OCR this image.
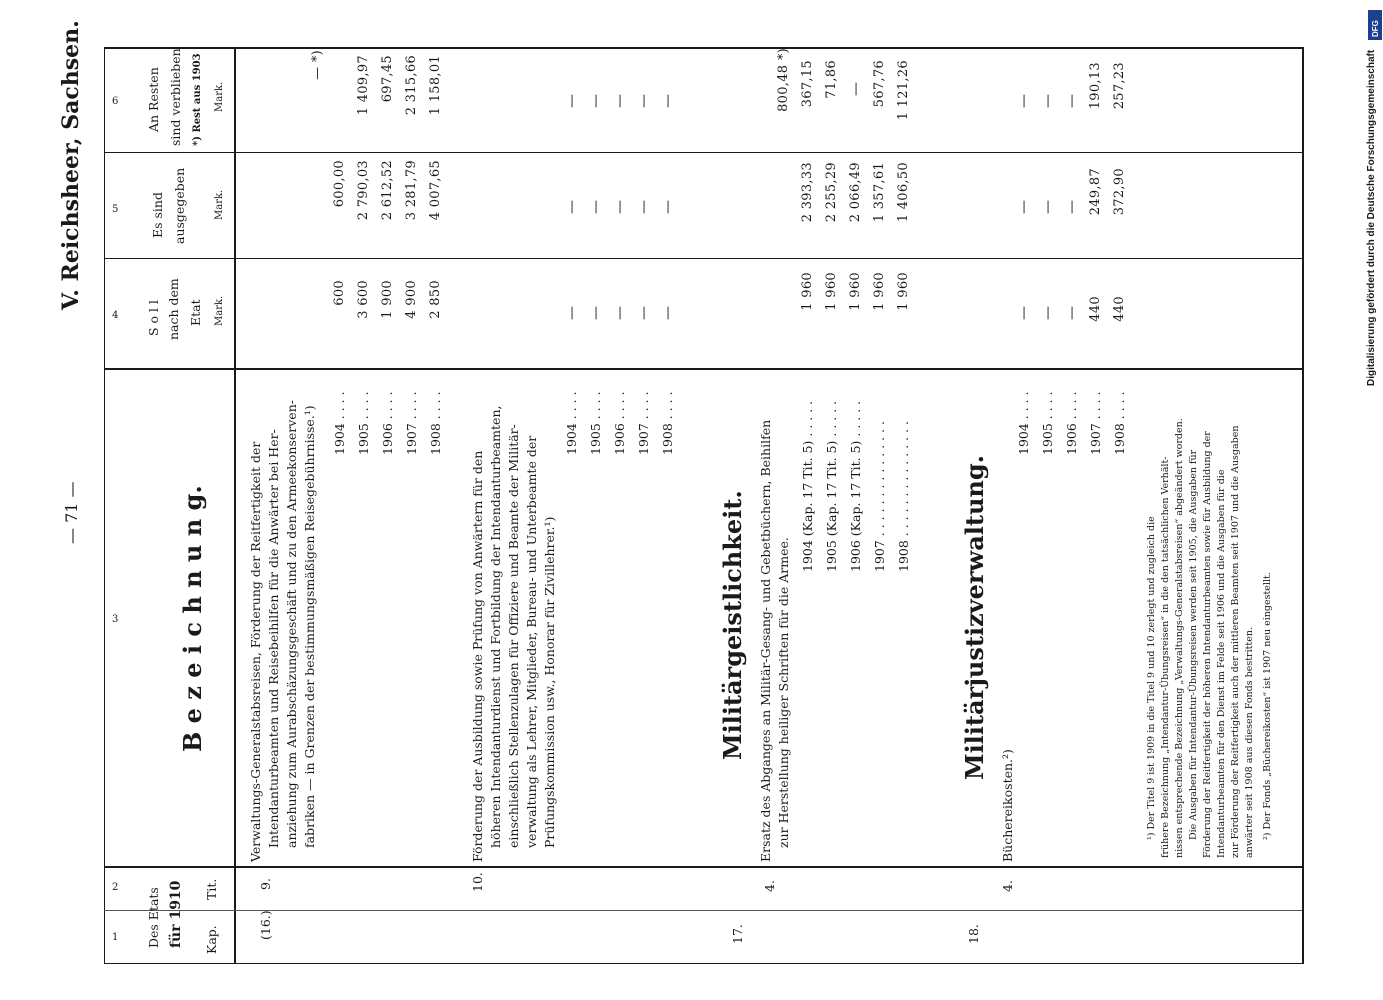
1
2
3
4
5
6
Des Etats für 1910 Kap.
Tit.
B e z e i c h n u n g.
S o l l nach dem Etat Mark.
Es sind ausgegeben	Mark.
An Resten sind verblieben *) Rest aus 1903 Mark.
— 71 —
V. Reichsheer, Sachsen.	Digitalisierung gefördert durch die Deutsche Forschungsgemeinschaft
DFG
(16.)
9.
Verwaltungs-Generalstabsreisen, Förderung der Reitfertigkeit der Intendanturbeamten und Reisebeihilfen für die Anwärter bei Her- anziehung zum Aurabschäzungsgeschäft und zu den Armeekonserven- fabriken — in Grenzen der bestimmungsmäßigen Reisegebührnisse.¹) 1904 . . . . 1905 . . . . 1906 . . . . 1907 . . . . 1908 . . . .
600 3 600 1 900 4 900 2 850
600,00 2 790,03 2 612,52 3 281,79 4 007,65
— *) 1 409,97 697,45 2 315,66 1 158,01
10.
Förderung der Ausbildung sowie Prüfung von Anwärtern für den höheren Intendanturdienst und Fortbildung der Intendanturbeamten, einschließlich Stellenzulagen für Offiziere und Beamte der Militär- verwaltung als Lehrer, Mitglieder, Bureau- und Unterbeamte der Prüfungskommission usw., Honorar für Zivillehrer.¹)
1904 . . . . 1905 . . . . 1906 . . . . 1907 . . . . 1908 . . . .
— — — — —
— — — — —
— — — — —
Militärgeistlichkeit.
17.
4.
Ersatz des Abganges an Militär-Gesang- und Gebetbüchern, Beihilfen zur Herstellung heiliger Schriften für die Armee.
1904 (Kap. 17 Tit. 5) . . . . . 1905 (Kap. 17 Tit. 5) . . . . . 1906 (Kap. 17 Tit. 5) . . . . . 1907 . . . . . . . . . . . . . . . 1908 . . . . . . . . . . . . . . .
1 960 1 960 1 960 1 960 1 960
2 393,33 2 255,29 2 066,49 1 357,61 1 406,50
800,48 *) 367,15 71,86 — 567,76 1 121,26
Militärjustizverwaltung.
18.
4.
Büchereikosten.²)
1904 . . . . 1905 . . . . 1906 . . . . 1907 . . . . 1908 . . . .
— — — 440 440
— — — 249,87 372,90
— — — 190,13 257,23
¹) Der Titel 9 ist 1909 in die Titel 9 und 10 zerlegt und zugleich die frühere Bezeichnung „Intendantur-Übungsreisen“ in die den tatsächlichen Verhält- nissen entsprechende Bezeichnung „Verwaltungs-Generalstabsreisen“ abgeändert worden. Die Ausgaben für Intendantur-Übungsreisen werden seit 1905, die Ausgaben für Förderung der Reitfertigkeit der höheren Intendanturbeamten sowie für Ausbildung der Intendanturbeamten für den Dienst im Felde seit 1906 und die Ausgaben für die zur Förderung der Reitfertigkeit auch der mittleren Beamten seit 1907 und die Ausgaben anwärter seit 1908 aus diesen Fonds bestritten. ²) Der Fonds „Büchereikosten“ ist 1907 neu eingestellt.
